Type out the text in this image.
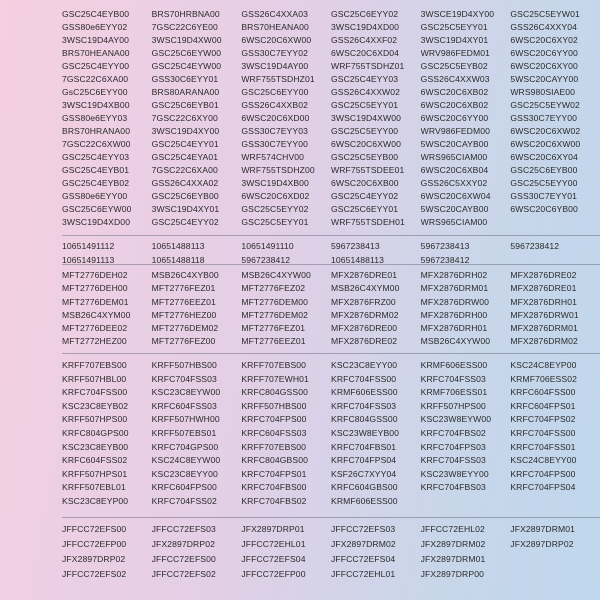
GSC25C4EYB00
GSS80e6EYY02
3WSC19D4AY00
BRS70HEANA00
GSC25C4EYY00
7GSC22C6XA00
GsC25C6EYY00
3WSC19D4XB00
GSS80e6EYY03
BRS70HRANA00
7GSC22C6XW00
GSC25C4EYY03
GSC25C4EYB01
GSC25C4EYB02
GSS80e6EYY00
GSC25C6EYW00
3WSC19D4XD00
BRS70HRBNA00
7GSC22C6YE00
3WSC19D4XW00
GSC25C6EYW00
GSC25C4EYW00
GSS30C6EYY01
BRS80ARANA00
GSC25C6EYB01
7GSC22C6XY00
3WSC19D4XY00
GSC25C4EYY01
GSC25C4EYA01
7GSC22C6XA00
GSS26C4XXA02
GSC25C6EYB00
3WSC19D4XY01
GSC25C4EYY02
GSS26C4XXA03
BRS70HEANA00
6WSC20C6XW00
GSS30C7EYY02
3WSC19D4AY00
WRF755TSDHZ01
GSC25C6EYY00
GSS26C4XXB02
6WSC20C6XD00
GSS30C7EYY03
GSS30C7EYY00
WRF574CHV00
WRF755TSDHZ00
3WSC19D4XB00
6WSC20C6XD02
GSC25C5EYY02
GSC25C5EYY01
GSC25C6EYY02
3WSC19D4XD00
GSS26C4XXF02
6WSC20C6XD04
WRF755TSDHZ01
GSC25C4EYY03
GSS26C4XXW02
GSC25C5EYY01
3WSC19D4XW00
GSC25C5EYY00
6WSC20C6XW00
GSC25C5EYB00
WRF755TSDEE01
6WSC20C6XB00
GSC25C4EYY02
GSC25C6EYY01
WRF755TSDEH01
3WSCE19D4XY00
GSC25C5EYY01
3WSC19D4XY01
WRV986FEDM01
GSC25C5EYB02
GSS26C4XXW03
6WSC20C6XB02
6WSC20C6XB02
6WSC20C6YY00
WRV986FEDM00
5WSC20CAYB00
WRS965CIAM00
6WSC20C6XB04
GSS26C5XXY02
6WSC20C6XW04
5WSC20CAYB00
WRS965CIAM00
GSC25C5EYW01
GSS26C4XXY04
6WSC20C6XY02
6WSC20C6YY00
6WSC20C6XY00
5WSC20CAYY00
WRS980SIAE00
GSC25C5EYW02
GSS30C7EYY00
6WSC20C6XW02
6WSC20C6XW00
6WSC20C6XY04
GSC25C6EYB00
GSC25C5EYY00
GSS30C7EYY01
6WSC20C6YB00
10651491112
10651491113
10651488113
10651488118
10651491110
5967238412
5967238413
10651488113
5967238413
5967238412
5967238412
MFT2776DEH02
MFT2776DEH00
MFT2776DEM01
MSB26C4XYM00
MFT2776DEE02
MFT2772HEZ00
MSB26C4XYB00
MFT2776FEZ01
MFT2776EEZ01
MFT2776HEZ00
MFT2776DEM02
MFT2776FEZ00
MSB26C4XYW00
MFT2776FEZ02
MFT2776DEM00
MFT2776DEM02
MFT2776FEZ01
MFT2776EEZ01
MFX2876DRE01
MSB26C4XYM00
MFX2876FRZ00
MFX2876DRM02
MFX2876DRE00
MFX2876DRE02
MFX2876DRH02
MFX2876DRM01
MFX2876DRW00
MFX2876DRH00
MFX2876DRH01
MSB26C4XYW00
MFX2876DRE02
MFX2876DRE01
MFX2876DRH01
MFX2876DRW01
MFX2876DRM01
MFX2876DRM02
KRFF707EBS00
KRFF507HBL00
KRFC704FSS00
KSC23C8EYB02
KRFF507HPS00
KRFC804GPS00
KSC23C8EYB00
KRFC604FSS02
KRFF507HPS01
KRFF507EBL01
KSC23C8EYP00
KRFF507HBS00
KRFC704FSS03
KSC23C8EYW00
KRFC604FSS03
KRFF507HWH00
KRFF507EBS01
KRFC704GPS00
KSC24C8EYW00
KSC23C8EYY00
KRFC604FPS00
KRFC704FSS02
KRFF707EBS00
KRFF707EWH01
KRFC804GSS00
KRFF507HBS00
KRFC704FPS00
KRFC604FSS03
KRFF707EBS00
KRFC804GBS00
KRFC704FPS01
KRFC704FBS00
KRFC704FBS02
KSC23C8EYY00
KRFC704FSS00
KRMF606ESS00
KRFC704FSS03
KRFC804GSS00
KSC23W8EYB00
KRFC704FBS01
KRFC704FPS04
KSF26C7XYY04
KRFC604GBS00
KRMF606ESS00
KRMF606ESS00
KRFC704FSS03
KRMF706ESS01
KRFF507HPS00
KSC23W8EYW00
KRFC704FBS02
KRFC704FPS03
KRFC704FSS03
KSC23W8EYY00
KRFC704FBS03
KSC24C8EYP00
KRMF706ESS02
KRFC604FSS00
KRFC604FPS01
KRFC704FPS02
KRFC704FSS00
KRFC704FSS01
KSC24C8EYY00
KRFC704FPS00
KRFC704FPS04
JFFCC72EFS00
JFFCC72EFP00
JFX2897DRP02
JFFCC72EFS02
JFFCC72EFS03
JFX2897DRP02
JFFCC72EFS00
JFFCC72EFS02
JFX2897DRP01
JFFCC72EHL01
JFFCC72EFS04
JFFCC72EFP00
JFFCC72EFS03
JFX2897DRM02
JFFCC72EFS04
JFFCC72EHL01
JFFCC72EHL02
JFX2897DRM02
JFX2897DRM01
JFX2897DRP00
JFX2897DRM01
JFX2897DRP02
